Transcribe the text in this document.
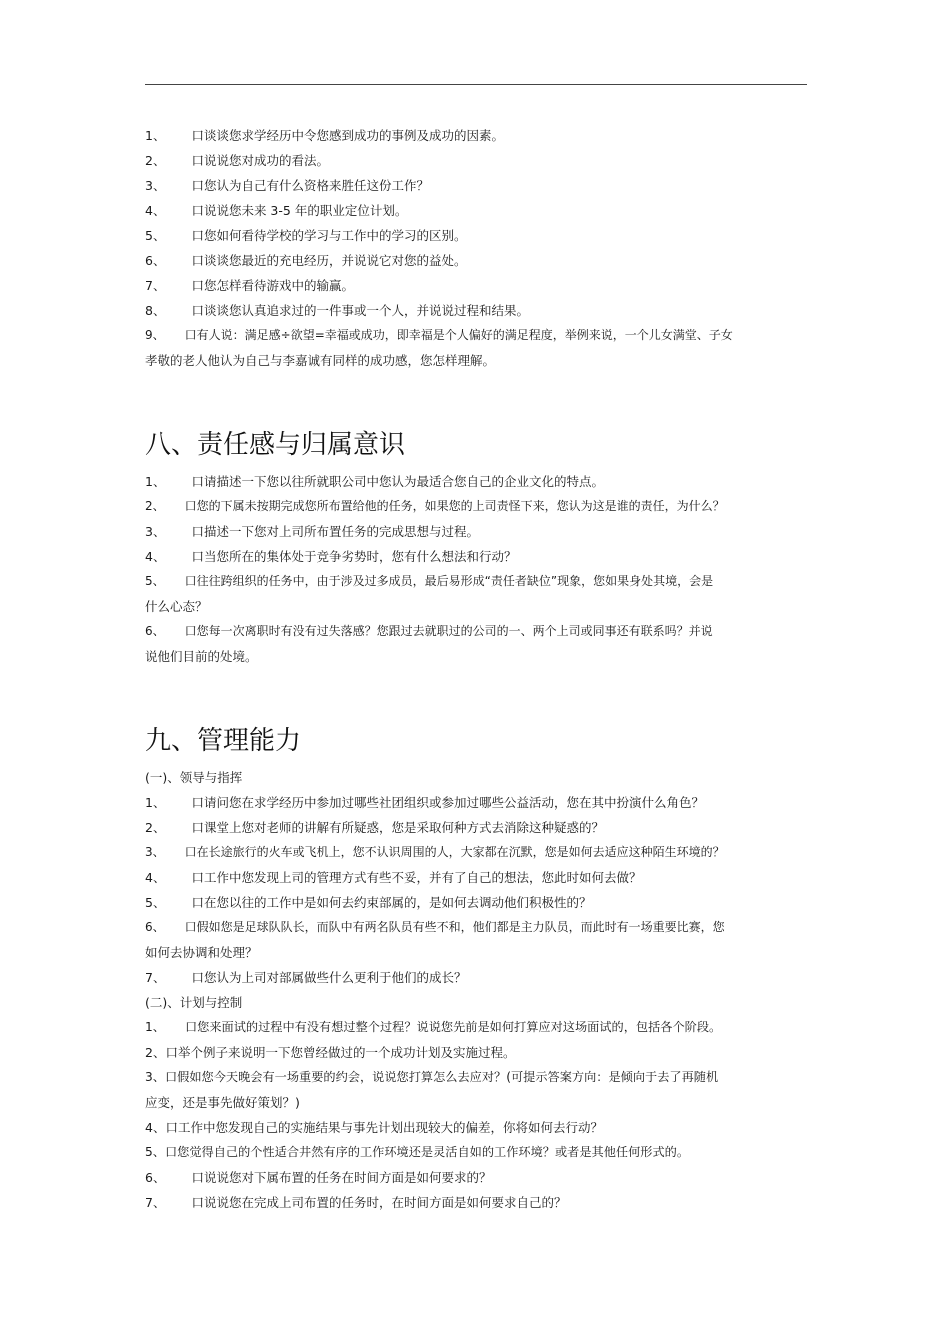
1、 口谈谈您求学经历中令您感到成功的事例及成功的因素。
2、 口说说您对成功的看法。
3、 口您认为自己有什么资格来胜任这份工作？
4、 口说说您未来 3-5 年的职业定位计划。
5、 口您如何看待学校的学习与工作中的学习的区别。
6、 口谈谈您最近的充电经历，并说说它对您的益处。
7、 口您怎样看待游戏中的输赢。
8、 口谈谈您认真追求过的一件事或一个人，并说说过程和结果。
9、 口有人说：满足感÷欲望=幸福或成功，即幸福是个人偏好的满足程度，举例来说，一个儿女满堂、子女
孝敬的老人他认为自己与李嘉诚有同样的成功感，您怎样理解。
八、责任感与归属意识
1、 口请描述一下您以往所就职公司中您认为最适合您自己的企业文化的特点。
2、 口您的下属未按期完成您所布置给他的任务，如果您的上司责怪下来，您认为这是谁的责任，为什么？
3、 口描述一下您对上司所布置任务的完成思想与过程。
4、 口当您所在的集体处于竞争劣势时，您有什么想法和行动？
5、 口往往跨组织的任务中，由于涉及过多成员，最后易形成“责任者缺位”现象，您如果身处其境，会是
什么心态？
6、 口您每一次离职时有没有过失落感？您跟过去就职过的公司的一、两个上司或同事还有联系吗？并说
说他们目前的处境。
九、管理能力
(一)、领导与指挥
1、 口请问您在求学经历中参加过哪些社团组织或参加过哪些公益活动，您在其中扮演什么角色？
2、 口课堂上您对老师的讲解有所疑惑，您是采取何种方式去消除这种疑惑的？
3、 口在长途旅行的火车或飞机上，您不认识周围的人，大家都在沉默，您是如何去适应这种陌生环境的？
4、 口工作中您发现上司的管理方式有些不妥，并有了自己的想法，您此时如何去做？
5、 口在您以往的工作中是如何去约束部属的，是如何去调动他们积极性的？
6、 口假如您是足球队队长，而队中有两名队员有些不和，他们都是主力队员，而此时有一场重要比赛，您
如何去协调和处理？
7、 口您认为上司对部属做些什么更利于他们的成长？
(二)、计划与控制
1、 口您来面试的过程中有没有想过整个过程？说说您先前是如何打算应对这场面试的，包括各个阶段。
2、口举个例子来说明一下您曾经做过的一个成功计划及实施过程。
3、口假如您今天晚会有一场重要的约会，说说您打算怎么去应对？(可提示答案方向：是倾向于去了再随机
应变，还是事先做好策划？)
4、口工作中您发现自己的实施结果与事先计划出现较大的偏差，你将如何去行动？
5、口您觉得自己的个性适合井然有序的工作环境还是灵活自如的工作环境？或者是其他任何形式的。
6、 口说说您对下属布置的任务在时间方面是如何要求的？
7、 口说说您在完成上司布置的任务时，在时间方面是如何要求自己的？
